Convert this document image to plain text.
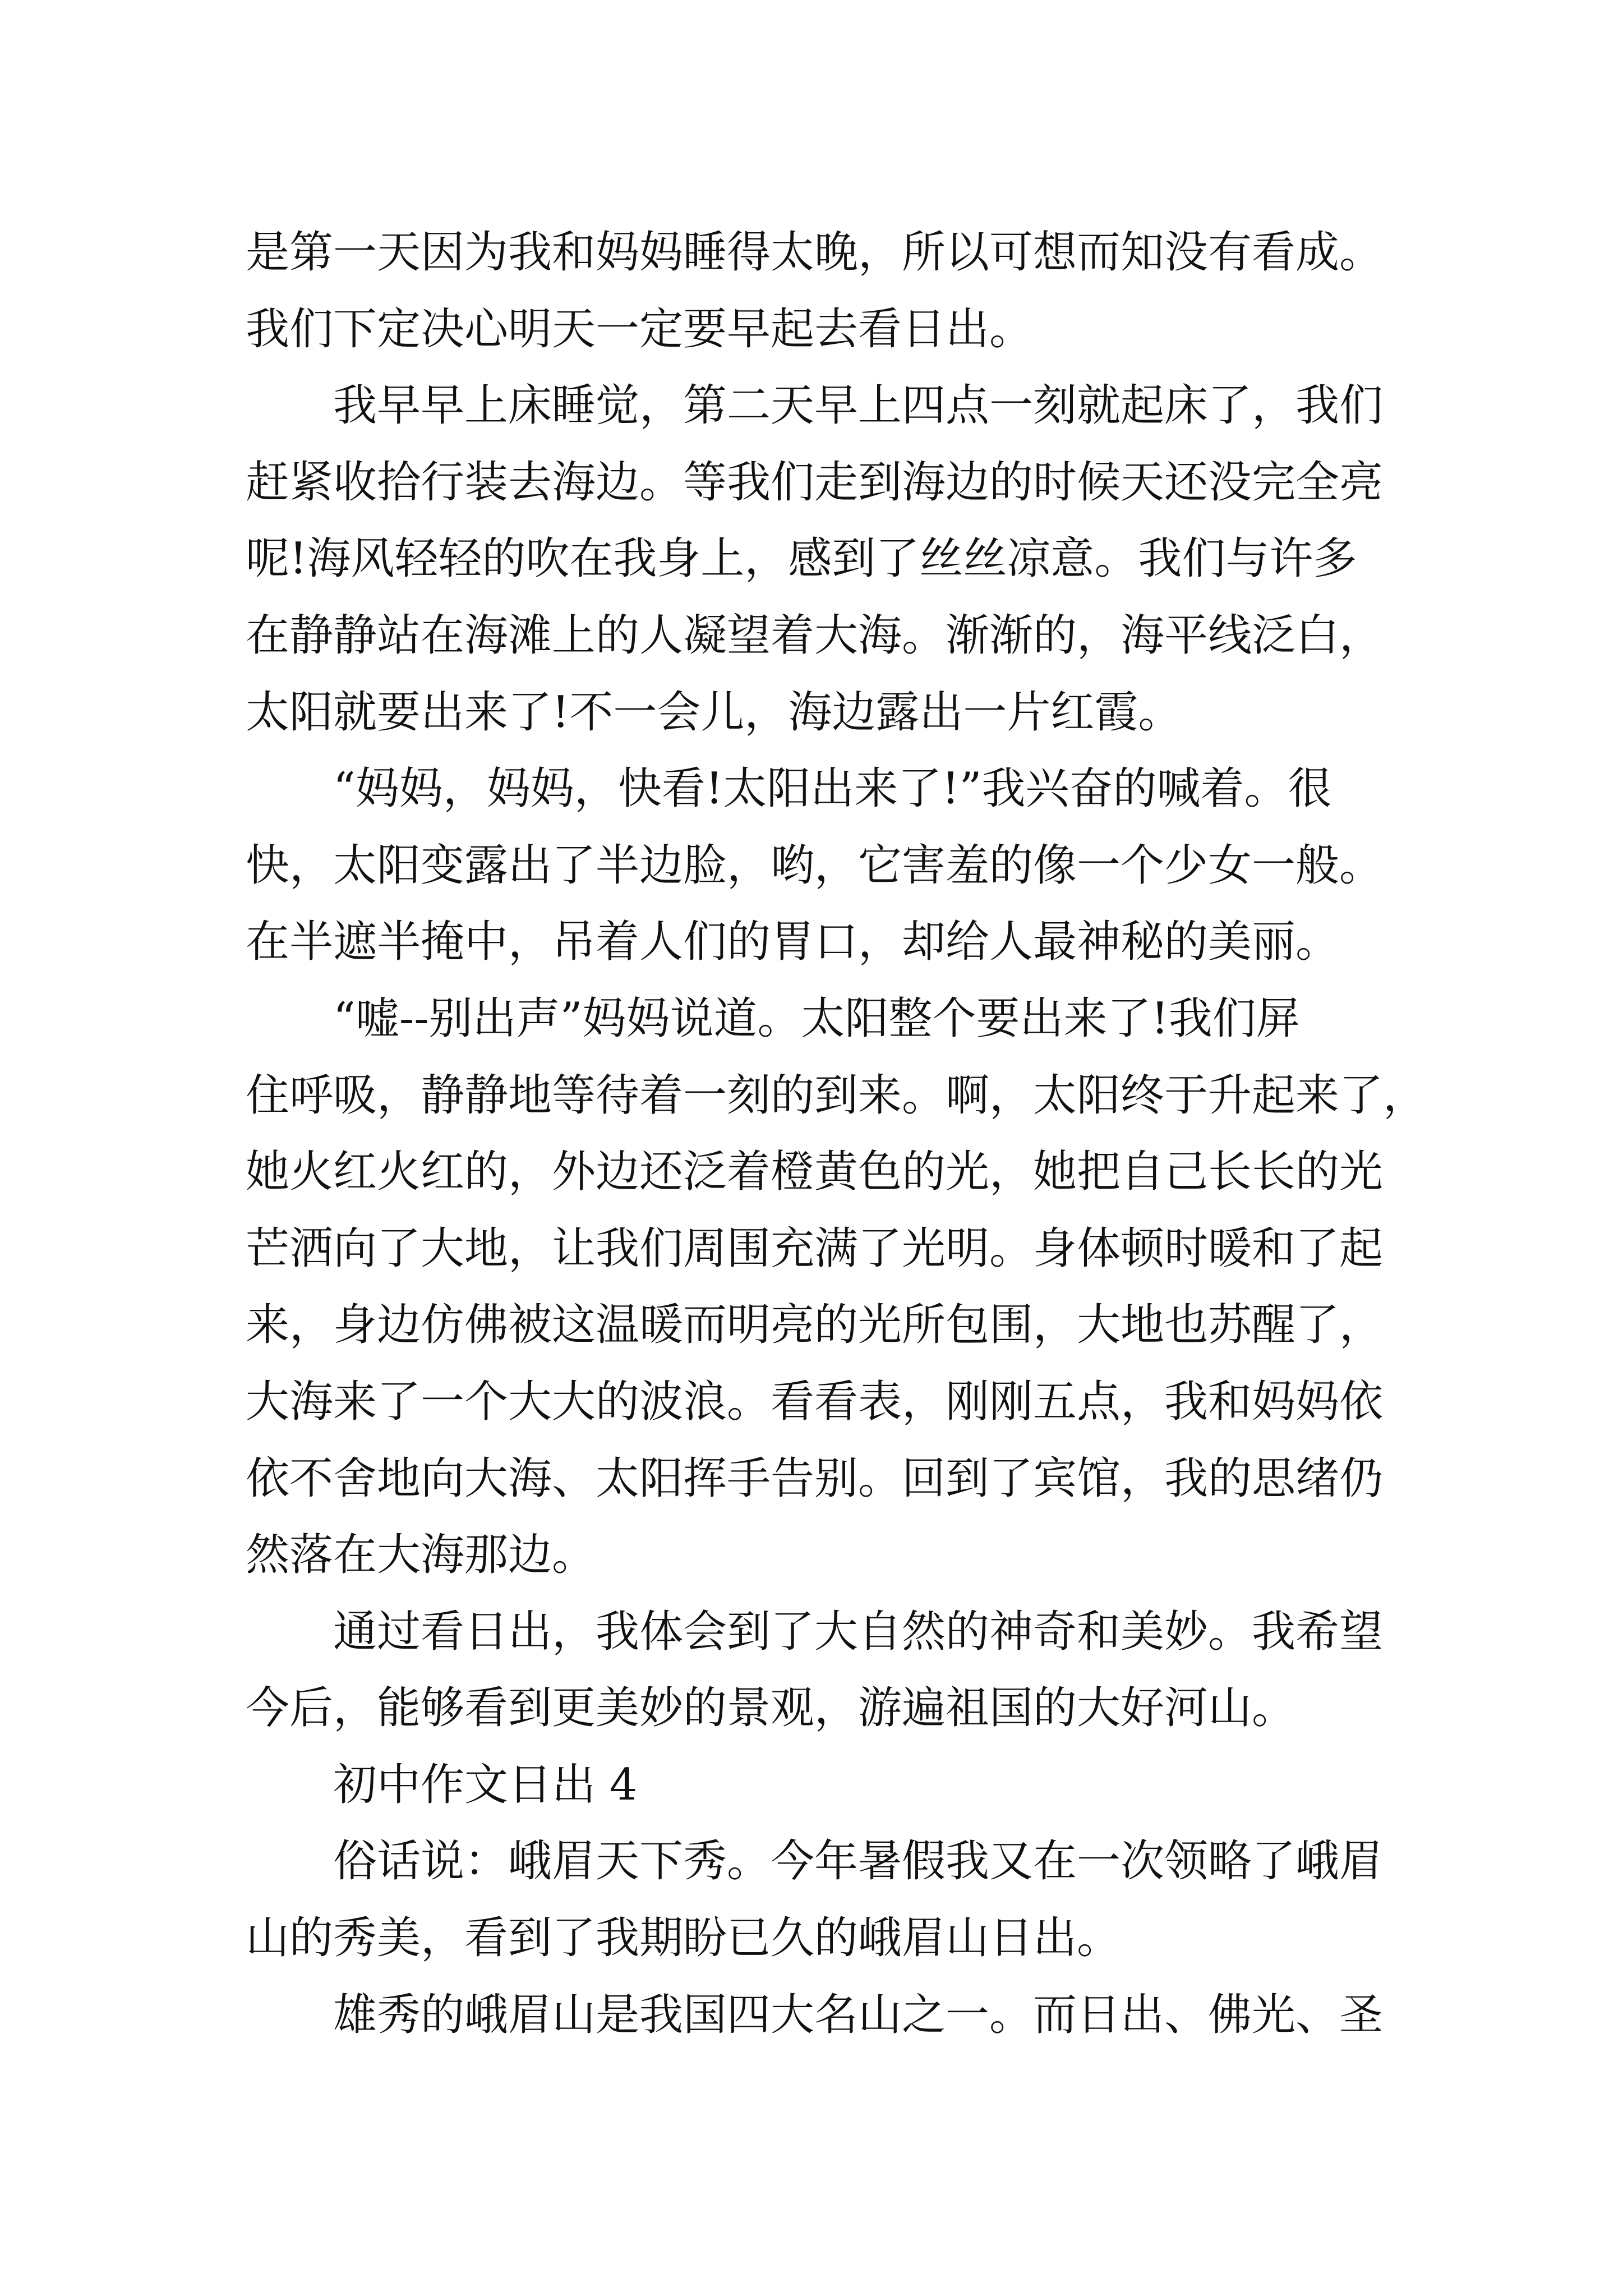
是第一天因为我和妈妈睡得太晚，所以可想而知没有看成。
我们下定决心明天一定要早起去看日出。
我早早上床睡觉，第二天早上四点一刻就起床了，我们
赶紧收拾行装去海边。等我们走到海边的时候天还没完全亮
呢!海风轻轻的吹在我身上，感到了丝丝凉意。我们与许多
在静静站在海滩上的人凝望着大海。渐渐的，海平线泛白，
太阳就要出来了!不一会儿，海边露出一片红霞。
“妈妈，妈妈，快看!太阳出来了!”我兴奋的喊着。很
快，太阳变露出了半边脸，哟，它害羞的像一个少女一般。
在半遮半掩中，吊着人们的胃口，却给人最神秘的美丽。
“嘘--别出声”妈妈说道。太阳整个要出来了!我们屏
住呼吸，静静地等待着一刻的到来。啊，太阳终于升起来了，
她火红火红的，外边还泛着橙黄色的光，她把自己长长的光
芒洒向了大地，让我们周围充满了光明。身体顿时暖和了起
来，身边仿佛被这温暖而明亮的光所包围，大地也苏醒了，
大海来了一个大大的波浪。看看表，刚刚五点，我和妈妈依
依不舍地向大海、太阳挥手告别。回到了宾馆，我的思绪仍
然落在大海那边。
通过看日出，我体会到了大自然的神奇和美妙。我希望
今后，能够看到更美妙的景观，游遍祖国的大好河山。
初中作文日出 4
俗话说：峨眉天下秀。今年暑假我又在一次领略了峨眉
山的秀美，看到了我期盼已久的峨眉山日出。
雄秀的峨眉山是我国四大名山之一。而日出、佛光、圣
